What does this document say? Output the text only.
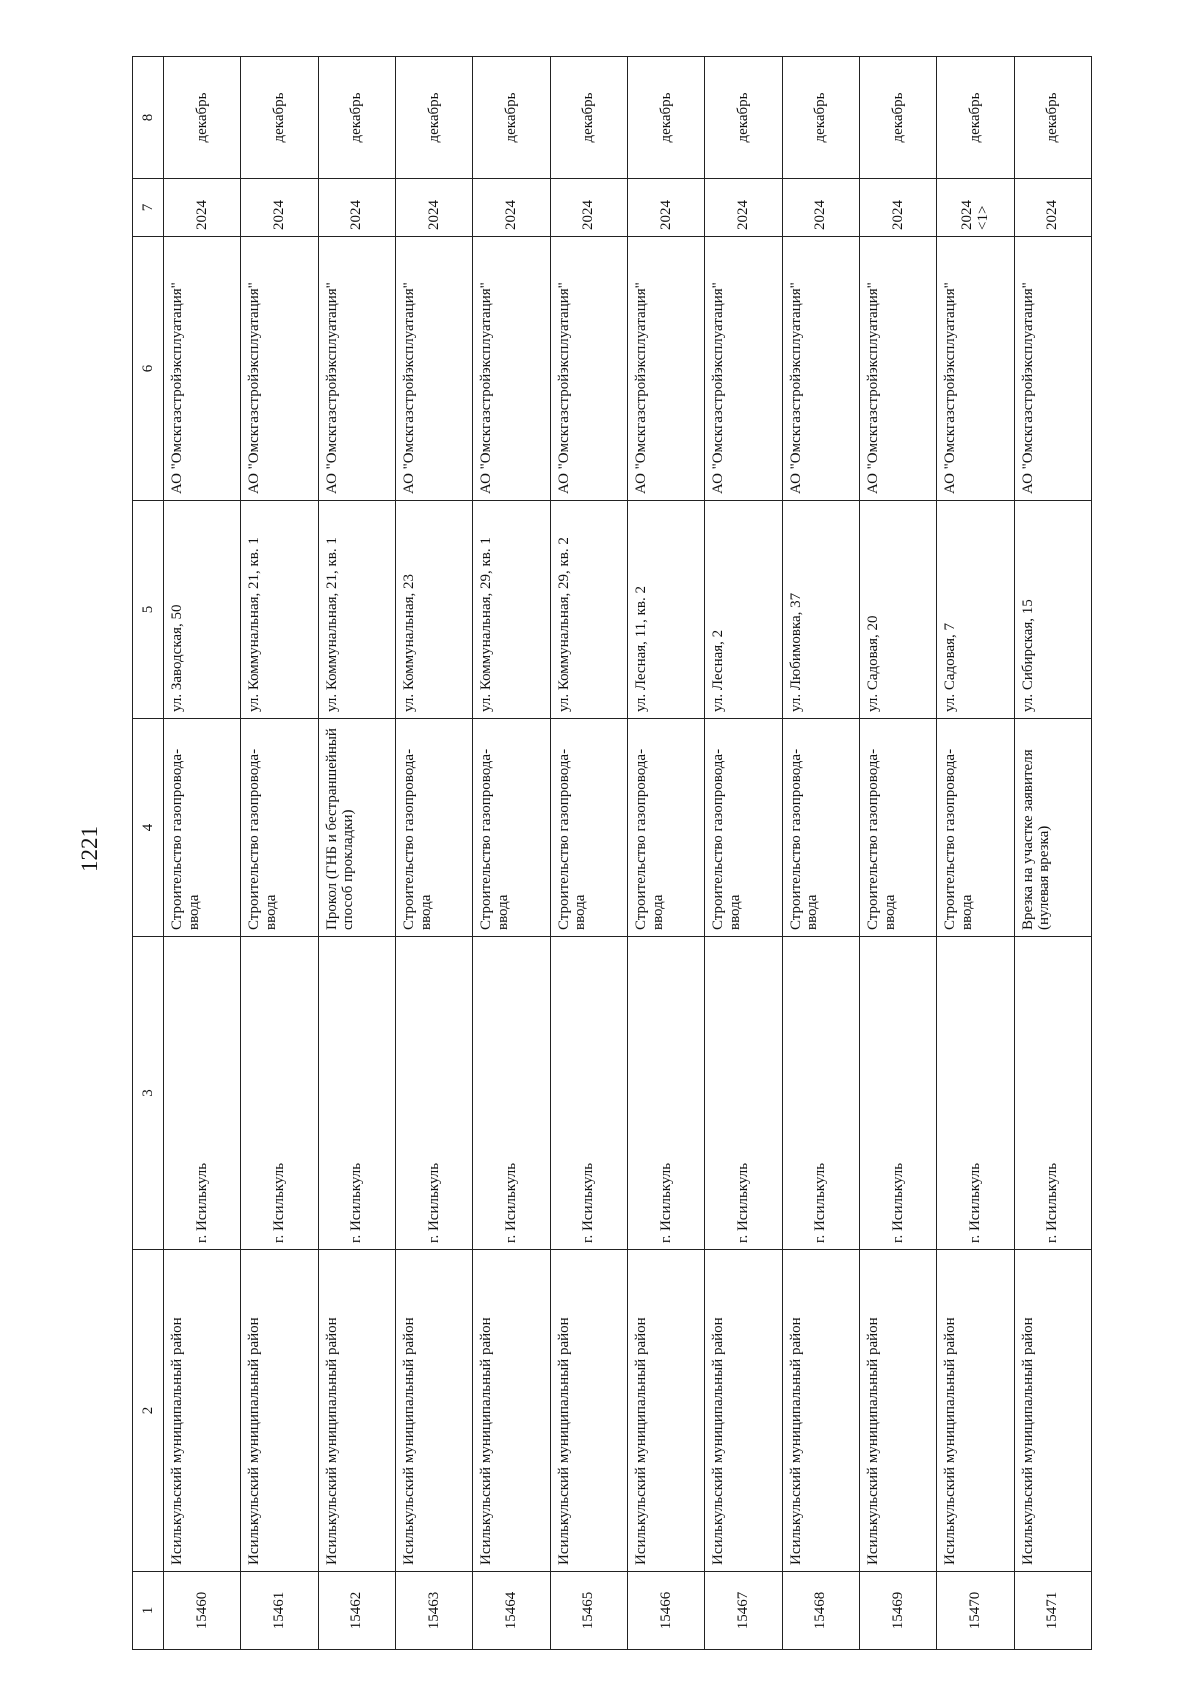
1221
1	2	3	4	5	6	7	8
15460	Исилькульский муниципальный район	г. Исилькуль	Строительство газопровода-ввода	ул. Заводская, 50	АО "Омскгазстройэксплуатация"	2024	декабрь
15461	Исилькульский муниципальный район	г. Исилькуль	Строительство газопровода-ввода	ул. Коммунальная, 21, кв. 1	АО "Омскгазстройэксплуатация"	2024	декабрь
15462	Исилькульский муниципальный район	г. Исилькуль	Прокол (ГНБ и бестраншейный способ прокладки)	ул. Коммунальная, 21, кв. 1	АО "Омскгазстройэксплуатация"	2024	декабрь
15463	Исилькульский муниципальный район	г. Исилькуль	Строительство газопровода-ввода	ул. Коммунальная, 23	АО "Омскгазстройэксплуатация"	2024	декабрь
15464	Исилькульский муниципальный район	г. Исилькуль	Строительство газопровода-ввода	ул. Коммунальная, 29, кв. 1	АО "Омскгазстройэксплуатация"	2024	декабрь
15465	Исилькульский муниципальный район	г. Исилькуль	Строительство газопровода-ввода	ул. Коммунальная, 29, кв. 2	АО "Омскгазстройэксплуатация"	2024	декабрь
15466	Исилькульский муниципальный район	г. Исилькуль	Строительство газопровода-ввода	ул. Лесная, 11, кв. 2	АО "Омскгазстройэксплуатация"	2024	декабрь
15467	Исилькульский муниципальный район	г. Исилькуль	Строительство газопровода-ввода	ул. Лесная, 2	АО "Омскгазстройэксплуатация"	2024	декабрь
15468	Исилькульский муниципальный район	г. Исилькуль	Строительство газопровода-ввода	ул. Любимовка, 37	АО "Омскгазстройэксплуатация"	2024	декабрь
15469	Исилькульский муниципальный район	г. Исилькуль	Строительство газопровода-ввода	ул. Садовая, 20	АО "Омскгазстройэксплуатация"	2024	декабрь
15470	Исилькульский муниципальный район	г. Исилькуль	Строительство газопровода-ввода	ул. Садовая, 7	АО "Омскгазстройэксплуатация"	2024 <1>	декабрь
15471	Исилькульский муниципальный район	г. Исилькуль	Врезка на участке заявителя (нулевая врезка)	ул. Сибирская, 15	АО "Омскгазстройэксплуатация"	2024	декабрь
